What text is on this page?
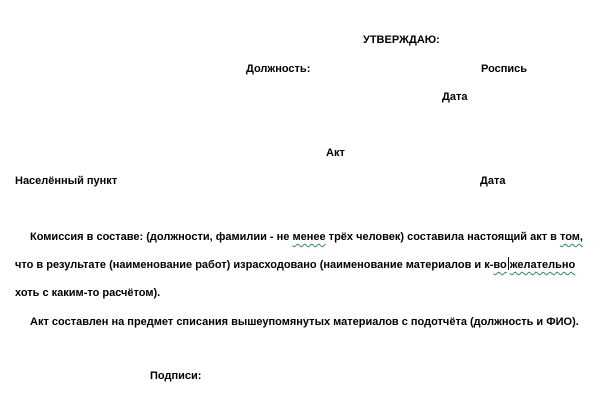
УТВЕРЖДАЮ:
Должность:	Роспись
Дата
Акт
Населённый пункт	Дата
Комиссия в составе: (должности, фамилии - не менее трёх человек) составила настоящий акт в том,
что в результате (наименование работ) израсходовано (наименование материалов и к-во желательно
хоть с каким-то расчётом).
Акт составлен на предмет списания вышеупомянутых материалов с подотчёта (должность и ФИО).
Подписи:
